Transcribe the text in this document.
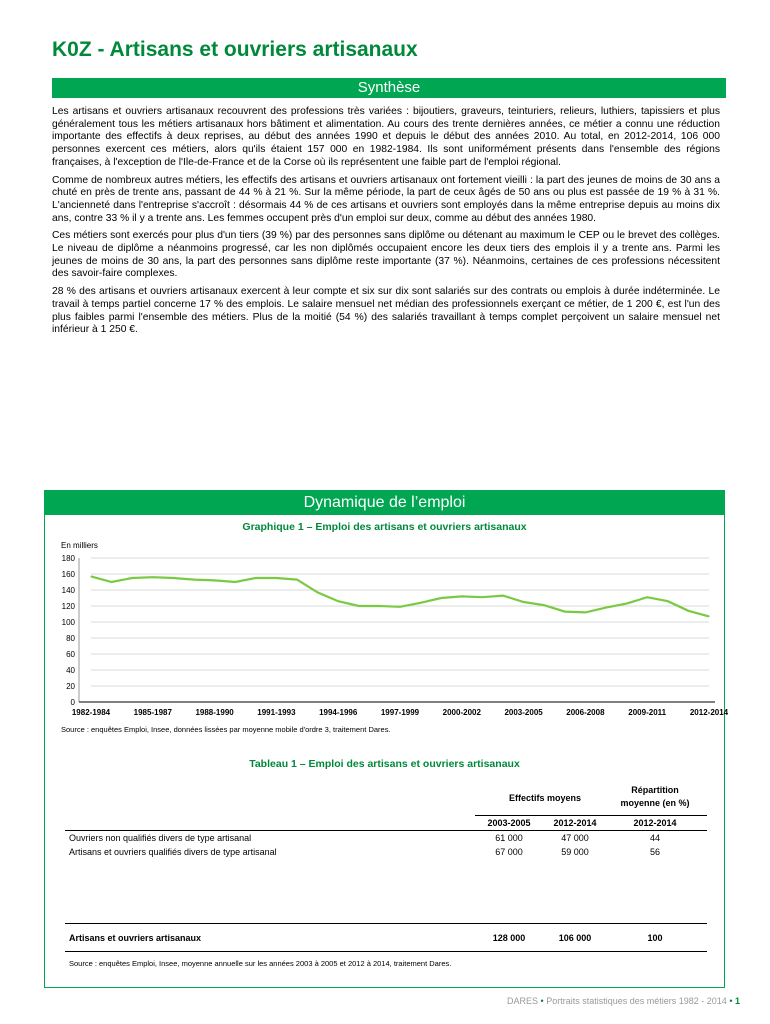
K0Z - Artisans et ouvriers artisanaux
Synthèse

Les artisans et ouvriers artisanaux recouvrent des professions très variées : bijoutiers, graveurs, teinturiers, relieurs, luthiers, tapissiers et plus généralement tous les métiers artisanaux hors bâtiment et alimentation. Au cours des trente dernières années, ce métier a connu une réduction importante des effectifs à deux reprises, au début des années 1990 et depuis le début des années 2010. Au total, en 2012-2014, 106 000 personnes exercent ces métiers, alors qu'ils étaient 157 000 en 1982-1984. Ils sont uniformément présents dans l'ensemble des régions françaises, à l'exception de l'Ile-de-France et de la Corse où ils représentent une faible part de l'emploi régional.

Comme de nombreux autres métiers, les effectifs des artisans et ouvriers artisanaux ont fortement vieilli : la part des jeunes de moins de 30 ans a chuté en près de trente ans, passant de 44 % à 21 %. Sur la même période, la part de ceux âgés de 50 ans ou plus est passée de 19 % à 31 %. L'ancienneté dans l'entreprise s'accroît : désormais 44 % de ces artisans et ouvriers sont employés dans la même entreprise depuis au moins dix ans, contre 33 % il y a trente ans. Les femmes occupent près d'un emploi sur deux, comme au début des années 1980.

Ces métiers sont exercés pour plus d'un tiers (39 %) par des personnes sans diplôme ou détenant au maximum le CEP ou le brevet des collèges. Le niveau de diplôme a néanmoins progressé, car les non diplômés occupaient encore les deux tiers des emplois il y a trente ans. Parmi les jeunes de moins de 30 ans, la part des personnes sans diplôme reste importante (37 %). Néanmoins, certaines de ces professions nécessitent des savoir-faire complexes.

28 % des artisans et ouvriers artisanaux exercent à leur compte et six sur dix sont salariés sur des contrats ou emplois à durée indéterminée. Le travail à temps partiel concerne 17 % des emplois. Le salaire mensuel net médian des professionnels exerçant ce métier, de 1 200 €, est l'un des plus faibles parmi l'ensemble des métiers. Plus de la moitié (54 %) des salariés travaillant à temps complet perçoivent un salaire mensuel net inférieur à 1 250 €.

Dynamique de l’emploi
Graphique 1 – Emploi des artisans et ouvriers artisanaux
En milliers
0
20
40
60
80
100
120
140
160
180
1982-1984	1985-1987	1988-1990	1991-1993	1994-1996	1997-1999	2000-2002	2003-2005	2006-2008	2009-2011	2012-2014
Source : enquêtes Emploi, Insee, données lissées par moyenne mobile d'ordre 3, traitement Dares.
Tableau 1 – Emploi des artisans et ouvriers artisanaux
Effectifs moyens
Répartition
moyenne (en %)
2003-2005	2012-2014	2012-2014
Ouvriers non qualifiés divers de type artisanal	61 000	47 000	44
Artisans et ouvriers qualifiés divers de type artisanal	67 000	59 000	56
Artisans et ouvriers artisanaux	128 000	106 000	100
Source : enquêtes Emploi, Insee, moyenne annuelle sur les années 2003 à 2005 et 2012 à 2014, traitement Dares.
DARES • Portraits statistiques des métiers 1982 - 2014 • 1
